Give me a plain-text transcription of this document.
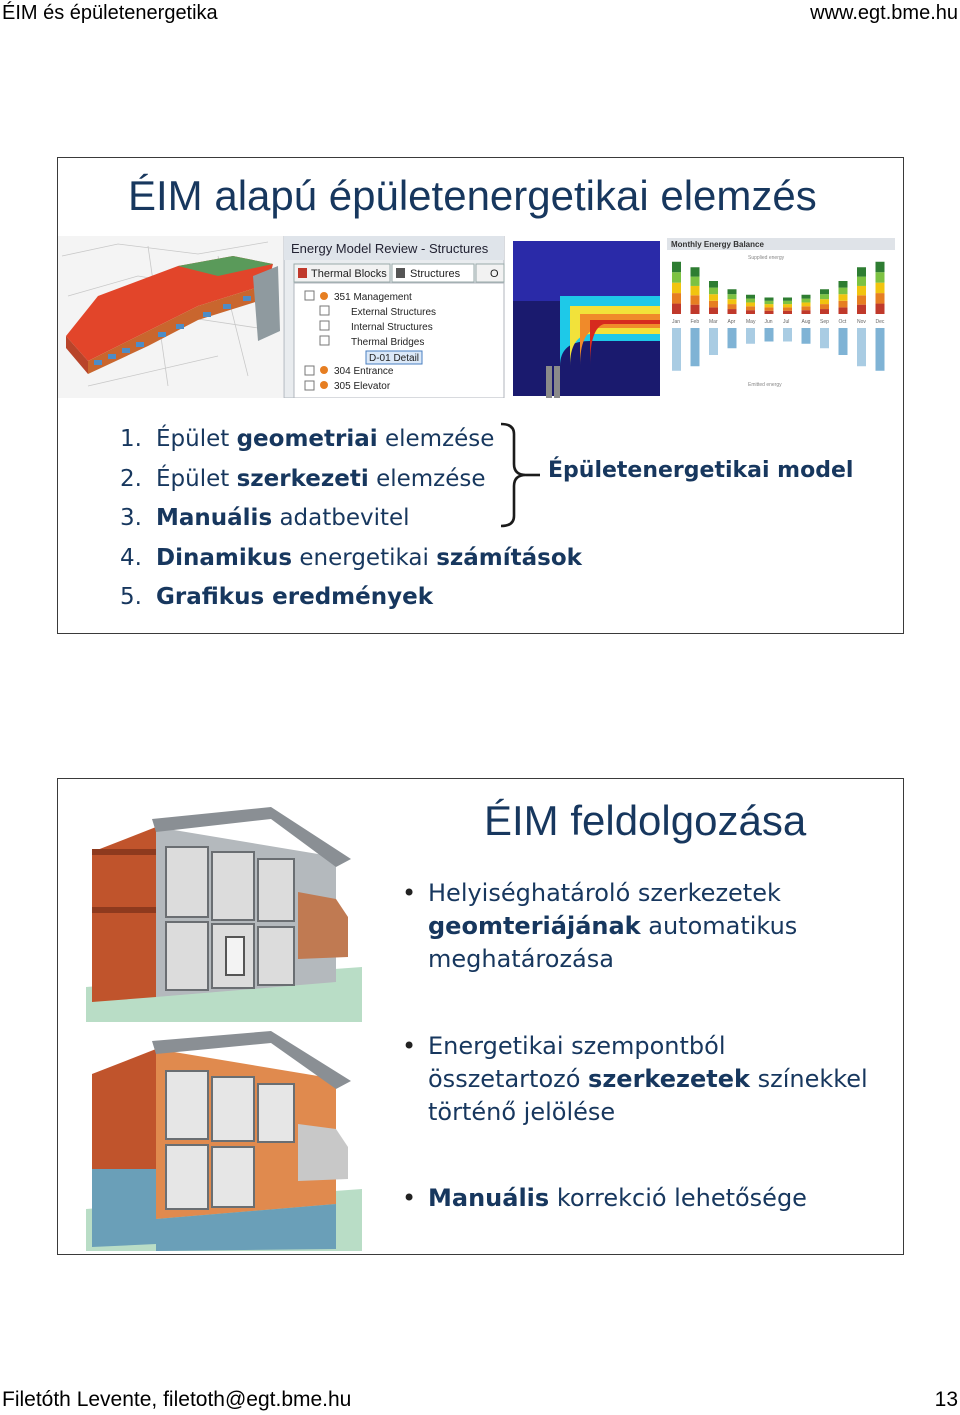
ÉIM és épületenergetika	www.egt.bme.hu
ÉIM alapú épületenergetikai elemzés
Energy Model Review - Structures
Thermal Blocks Structures	O
351 Management
External Structures
Internal Structures
Thermal Bridges
D-01 Detail
304 Entrance
305 Elevator
Monthly Energy Balance
Supplied energy
Emitted energy
Jan Feb Mar Apr May Jun Jul Aug Sep Oct Nov Dec
1. Épület geometriai elemzése
2. Épület szerkezeti elemzése
3. Manuális adatbevitel
4. Dinamikus energetikai számítások
5. Grafikus eredmények
Épületenergetikai model
ÉIM feldolgozása
• Helyiséghatároló szerkezetek
geomteriájának automatikus
meghatározása
• Energetikai szempontból
összetartozó szerkezetek színekkel
történő jelölése
• Manuális korrekció lehetősége
Filetóth Levente, filetoth@egt.bme.hu	13
